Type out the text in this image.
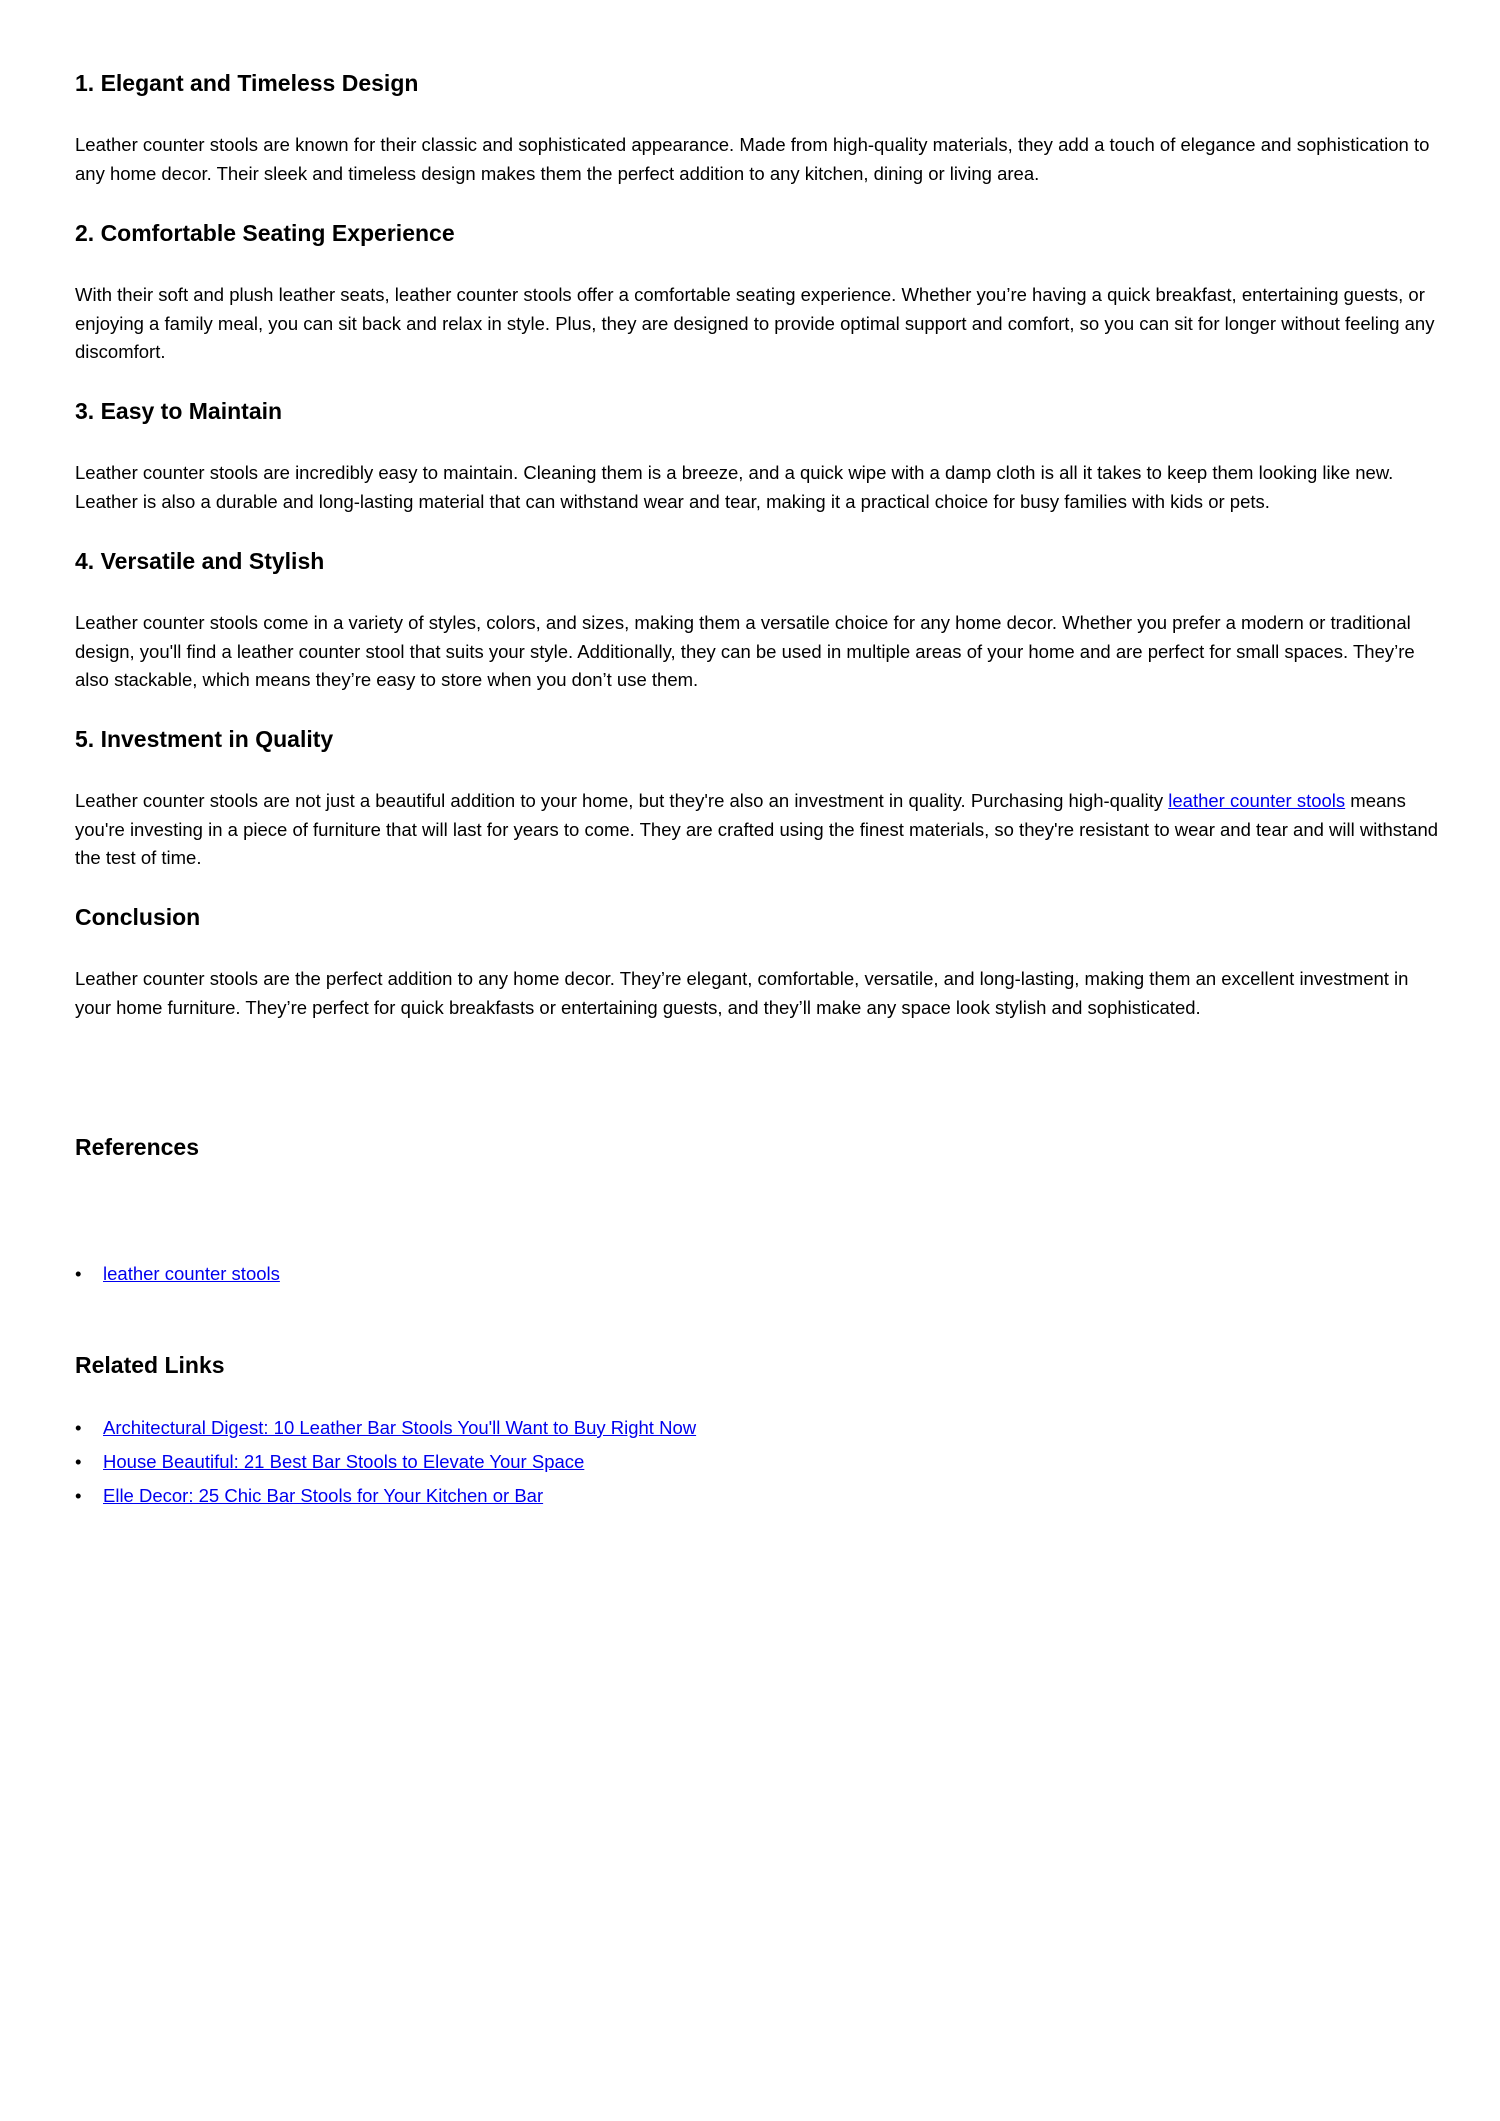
1. Elegant and Timeless Design

Leather counter stools are known for their classic and sophisticated appearance. Made from high-quality materials, they add a touch of elegance and sophistication to any home decor. Their sleek and timeless design makes them the perfect addition to any kitchen, dining or living area.

2. Comfortable Seating Experience

With their soft and plush leather seats, leather counter stools offer a comfortable seating experience. Whether you’re having a quick breakfast, entertaining guests, or enjoying a family meal, you can sit back and relax in style. Plus, they are designed to provide optimal support and comfort, so you can sit for longer without feeling any discomfort.

3. Easy to Maintain

Leather counter stools are incredibly easy to maintain. Cleaning them is a breeze, and a quick wipe with a damp cloth is all it takes to keep them looking like new. Leather is also a durable and long-lasting material that can withstand wear and tear, making it a practical choice for busy families with kids or pets.

4. Versatile and Stylish

Leather counter stools come in a variety of styles, colors, and sizes, making them a versatile choice for any home decor. Whether you prefer a modern or traditional design, you'll find a leather counter stool that suits your style. Additionally, they can be used in multiple areas of your home and are perfect for small spaces. They’re also stackable, which means they’re easy to store when you don’t use them.

5. Investment in Quality

Leather counter stools are not just a beautiful addition to your home, but they're also an investment in quality. Purchasing high-quality leather counter stools means you're investing in a piece of furniture that will last for years to come. They are crafted using the finest materials, so they're resistant to wear and tear and will withstand the test of time.

Conclusion

Leather counter stools are the perfect addition to any home decor. They’re elegant, comfortable, versatile, and long-lasting, making them an excellent investment in your home furniture. They’re perfect for quick breakfasts or entertaining guests, and they’ll make any space look stylish and sophisticated.

References
• leather counter stools
Related Links
• Architectural Digest: 10 Leather Bar Stools You'll Want to Buy Right Now
• House Beautiful: 21 Best Bar Stools to Elevate Your Space
• Elle Decor: 25 Chic Bar Stools for Your Kitchen or Bar
